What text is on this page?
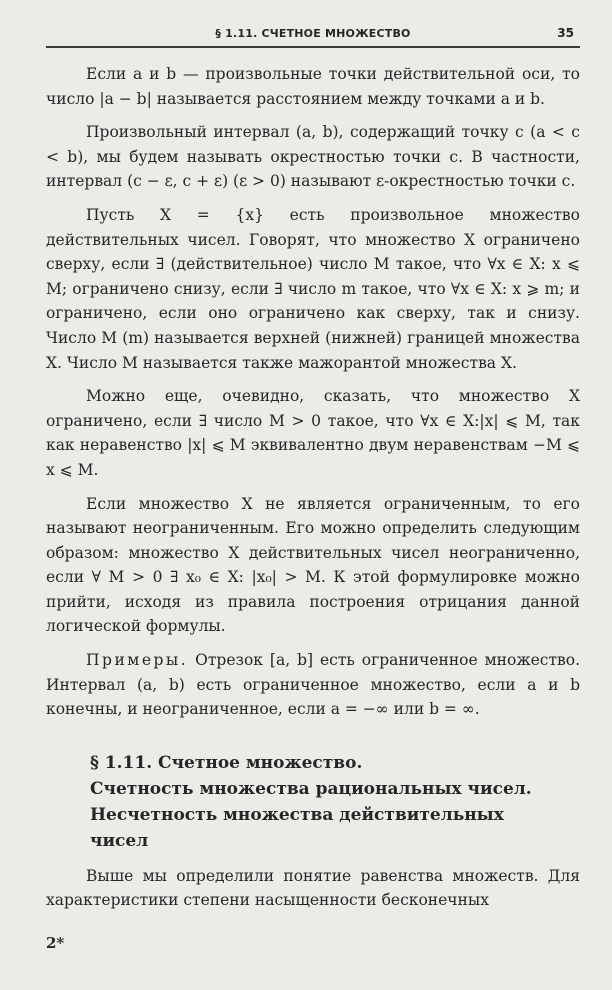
§ 1.11. СЧЕТНОЕ МНОЖЕСТВО	35

Если a и b — произвольные точки действительной оси, то число |a − b| называется расстоянием между точками a и b.

Произвольный интервал (a, b), содержащий точку c (a < c < b), мы будем называть окрестностью точки c. В частности, интервал (c − ε, c + ε) (ε > 0) называют ε-окрестностью точки c.

Пусть X = {x} есть произвольное множество действительных чисел. Говорят, что множество X ограничено сверху, если ∃ (действительное) число M такое, что ∀x ∈ X: x ⩽ M; ограничено снизу, если ∃ число m такое, что ∀x ∈ X: x ⩾ m; и ограничено, если оно ограничено как сверху, так и снизу. Число M (m) называется верхней (нижней) границей множества X. Число M называется также мажорантой множества X.

Можно еще, очевидно, сказать, что множество X ограничено, если ∃ число M > 0 такое, что ∀x ∈ X:|x| ⩽ M, так как неравенство |x| ⩽ M эквивалентно двум неравенствам −M ⩽ x ⩽ M.

Если множество X не является ограниченным, то его называют неограниченным. Его можно определить следующим образом: множество X действительных чисел неограниченно, если ∀ M > 0 ∃ x₀ ∈ X: |x₀| > M. К этой формулировке можно прийти, исходя из правила построения отрицания данной логической формулы.

Примеры. Отрезок [a, b] есть ограниченное множество. Интервал (a, b) есть ограниченное множество, если a и b конечны, и неограниченное, если a = −∞ или b = ∞.

§ 1.11. Счетное множество.
Счетность множества рациональных чисел.
Несчетность множества действительных
чисел

Выше мы определили понятие равенства множеств. Для характеристики степени насыщенности бесконечных

2*
